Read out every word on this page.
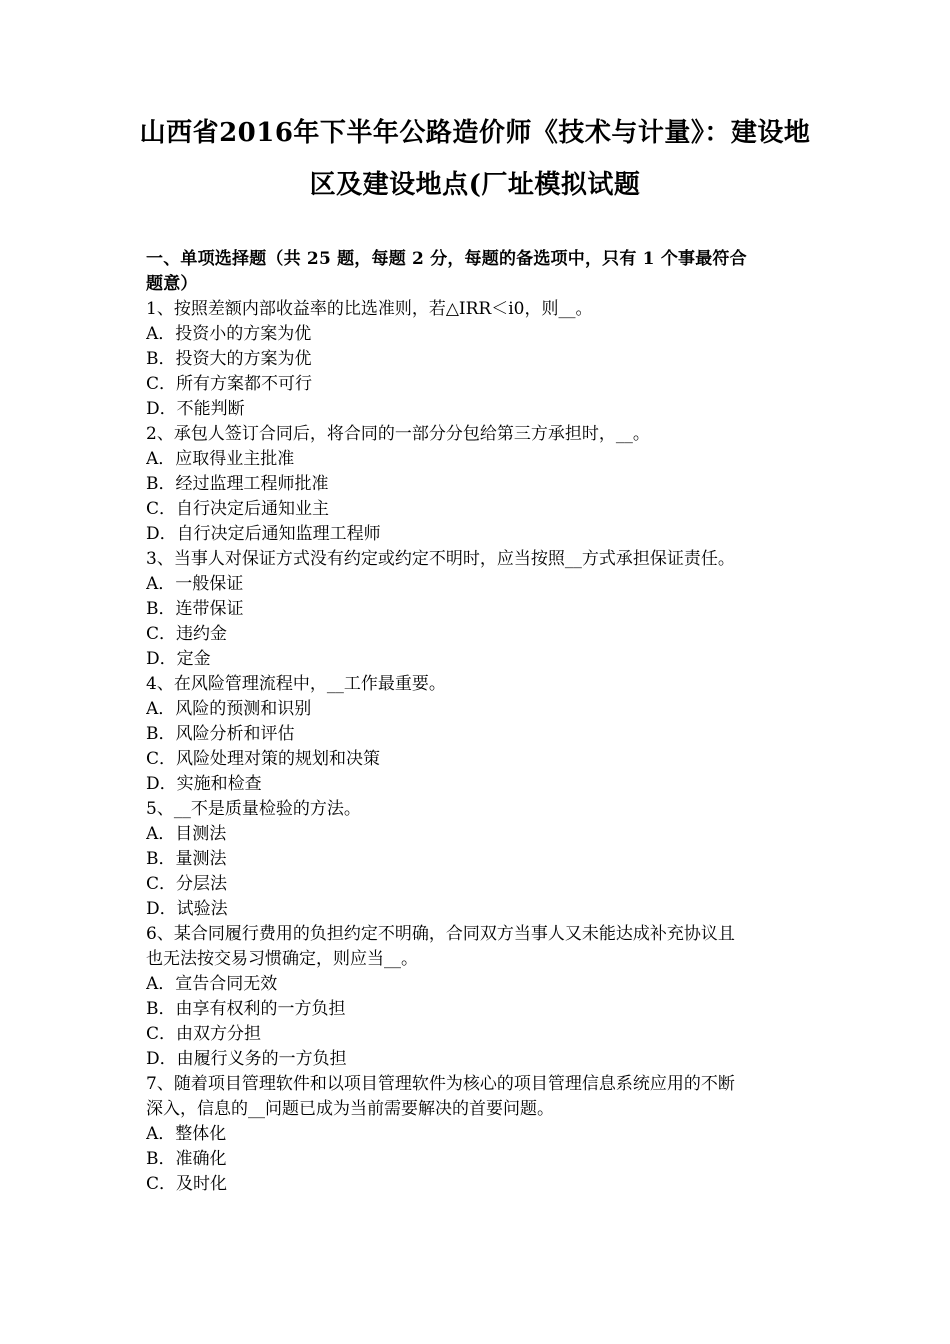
山西省2016年下半年公路造价师《技术与计量》：建设地
区及建设地点(厂址模拟试题
一、单项选择题（共 25 题，每题 2 分，每题的备选项中，只有 1 个事最符合
题意）
1、按照差额内部收益率的比选准则，若△IRR＜i0，则__。
A．投资小的方案为优
B．投资大的方案为优
C．所有方案都不可行
D．不能判断
2、承包人签订合同后，将合同的一部分分包给第三方承担时，__。
A．应取得业主批准
B．经过监理工程师批准
C．自行决定后通知业主
D．自行决定后通知监理工程师
3、当事人对保证方式没有约定或约定不明时，应当按照__方式承担保证责任。
A．一般保证
B．连带保证
C．违约金
D．定金
4、在风险管理流程中，__工作最重要。
A．风险的预测和识别
B．风险分析和评估
C．风险处理对策的规划和决策
D．实施和检查
5、__不是质量检验的方法。
A．目测法
B．量测法
C．分层法
D．试验法
6、某合同履行费用的负担约定不明确，合同双方当事人又未能达成补充协议且
也无法按交易习惯确定，则应当__。
A．宣告合同无效
B．由享有权利的一方负担
C．由双方分担
D．由履行义务的一方负担
7、随着项目管理软件和以项目管理软件为核心的项目管理信息系统应用的不断
深入，信息的__问题已成为当前需要解决的首要问题。
A．整体化
B．准确化
C．及时化
